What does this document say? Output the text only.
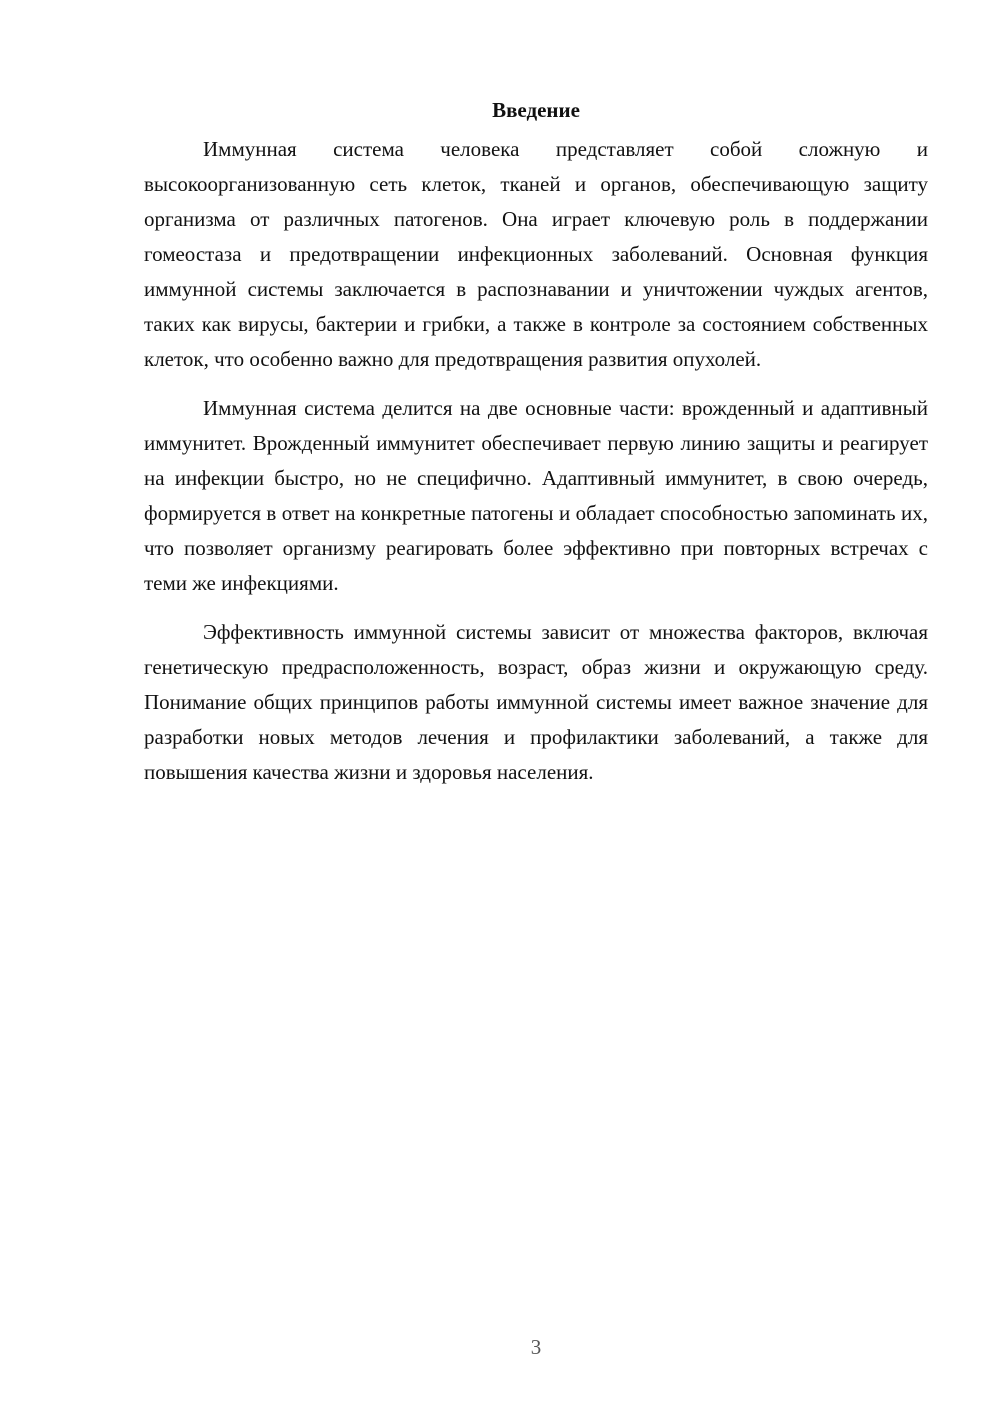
Введение

Иммунная система человека представляет собой сложную и высокоорганизованную сеть клеток, тканей и органов, обеспечивающую защиту организма от различных патогенов. Она играет ключевую роль в поддержании гомеостаза и предотвращении инфекционных заболеваний. Основная функция иммунной системы заключается в распознавании и уничтожении чуждых агентов, таких как вирусы, бактерии и грибки, а также в контроле за состоянием собственных клеток, что особенно важно для предотвращения развития опухолей.

Иммунная система делится на две основные части: врожденный и адаптивный иммунитет. Врожденный иммунитет обеспечивает первую линию защиты и реагирует на инфекции быстро, но не специфично. Адаптивный иммунитет, в свою очередь, формируется в ответ на конкретные патогены и обладает способностью запоминать их, что позволяет организму реагировать более эффективно при повторных встречах с теми же инфекциями.

Эффективность иммунной системы зависит от множества факторов, включая генетическую предрасположенность, возраст, образ жизни и окружающую среду. Понимание общих принципов работы иммунной системы имеет важное значение для разработки новых методов лечения и профилактики заболеваний, а также для повышения качества жизни и здоровья населения.

3
